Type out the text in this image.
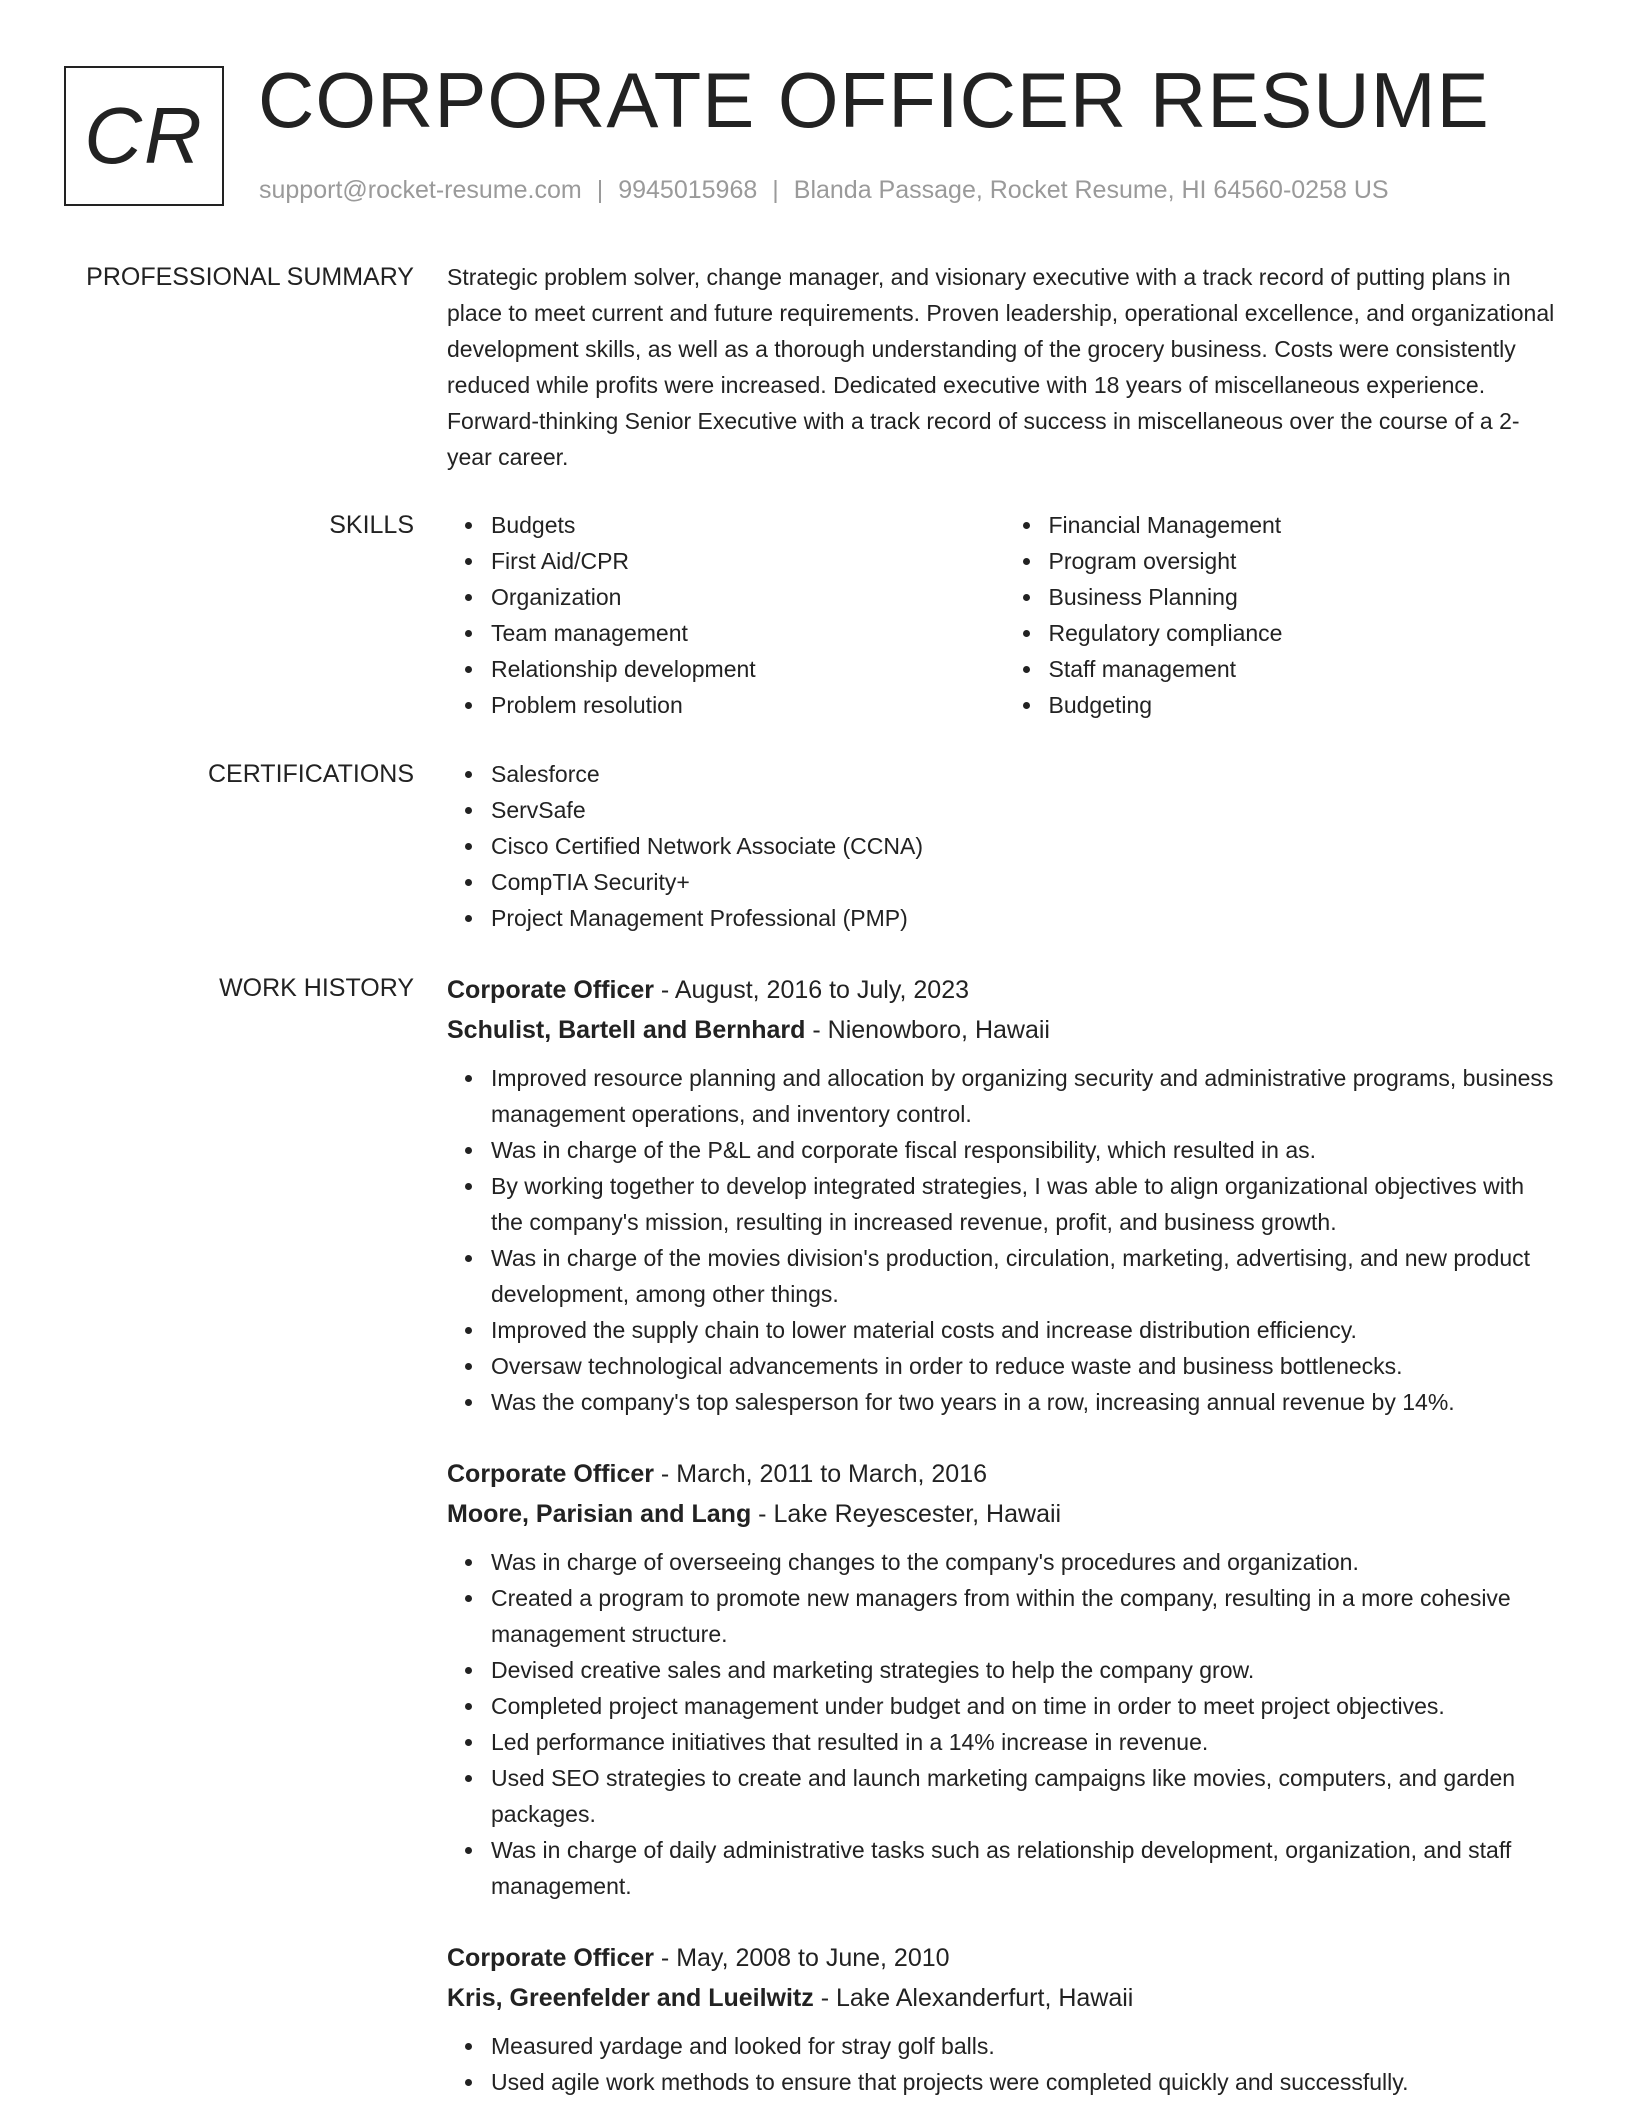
CR CORPORATE OFFICER RESUME
support@rocket-resume.com | 9945015968 | Blanda Passage, Rocket Resume, HI 64560-0258 US
PROFESSIONAL SUMMARY Strategic problem solver, change manager, and visionary executive with a track record of putting plans in place to meet current and future requirements. Proven leadership, operational excellence, and organizational development skills, as well as a thorough understanding of the grocery business. Costs were consistently reduced while profits were increased. Dedicated executive with 18 years of miscellaneous experience. Forward-thinking Senior Executive with a track record of success in miscellaneous over the course of a 2-year career.

SKILLS	Budgets
First Aid/CPR
Organization
Team management
Relationship development
Problem resolution
Financial Management
Program oversight
Business Planning
Regulatory compliance
Staff management
Budgeting
CERTIFICATIONS	Salesforce
ServSafe
Cisco Certified Network Associate (CCNA)
CompTIA Security+
Project Management Professional (PMP)
WORK HISTORY Corporate Officer - August, 2016 to July, 2023
Schulist, Bartell and Bernhard - Nienowboro, Hawaii
Improved resource planning and allocation by organizing security and administrative programs, business management operations, and inventory control.
Was in charge of the P&L and corporate fiscal responsibility, which resulted in as.
By working together to develop integrated strategies, I was able to align organizational objectives with the company's mission, resulting in increased revenue, profit, and business growth.
Was in charge of the movies division's production, circulation, marketing, advertising, and new product development, among other things.
Improved the supply chain to lower material costs and increase distribution efficiency.
Oversaw technological advancements in order to reduce waste and business bottlenecks.
Was the company's top salesperson for two years in a row, increasing annual revenue by 14%.
Corporate Officer - March, 2011 to March, 2016
Moore, Parisian and Lang - Lake Reyescester, Hawaii
Was in charge of overseeing changes to the company's procedures and organization.
Created a program to promote new managers from within the company, resulting in a more cohesive management structure.
Devised creative sales and marketing strategies to help the company grow.
Completed project management under budget and on time in order to meet project objectives.
Led performance initiatives that resulted in a 14% increase in revenue.
Used SEO strategies to create and launch marketing campaigns like movies, computers, and garden packages.
Was in charge of daily administrative tasks such as relationship development, organization, and staff management.
Corporate Officer - May, 2008 to June, 2010
Kris, Greenfelder and Lueilwitz - Lake Alexanderfurt, Hawaii
Measured yardage and looked for stray golf balls.
Used agile work methods to ensure that projects were completed quickly and successfully.
